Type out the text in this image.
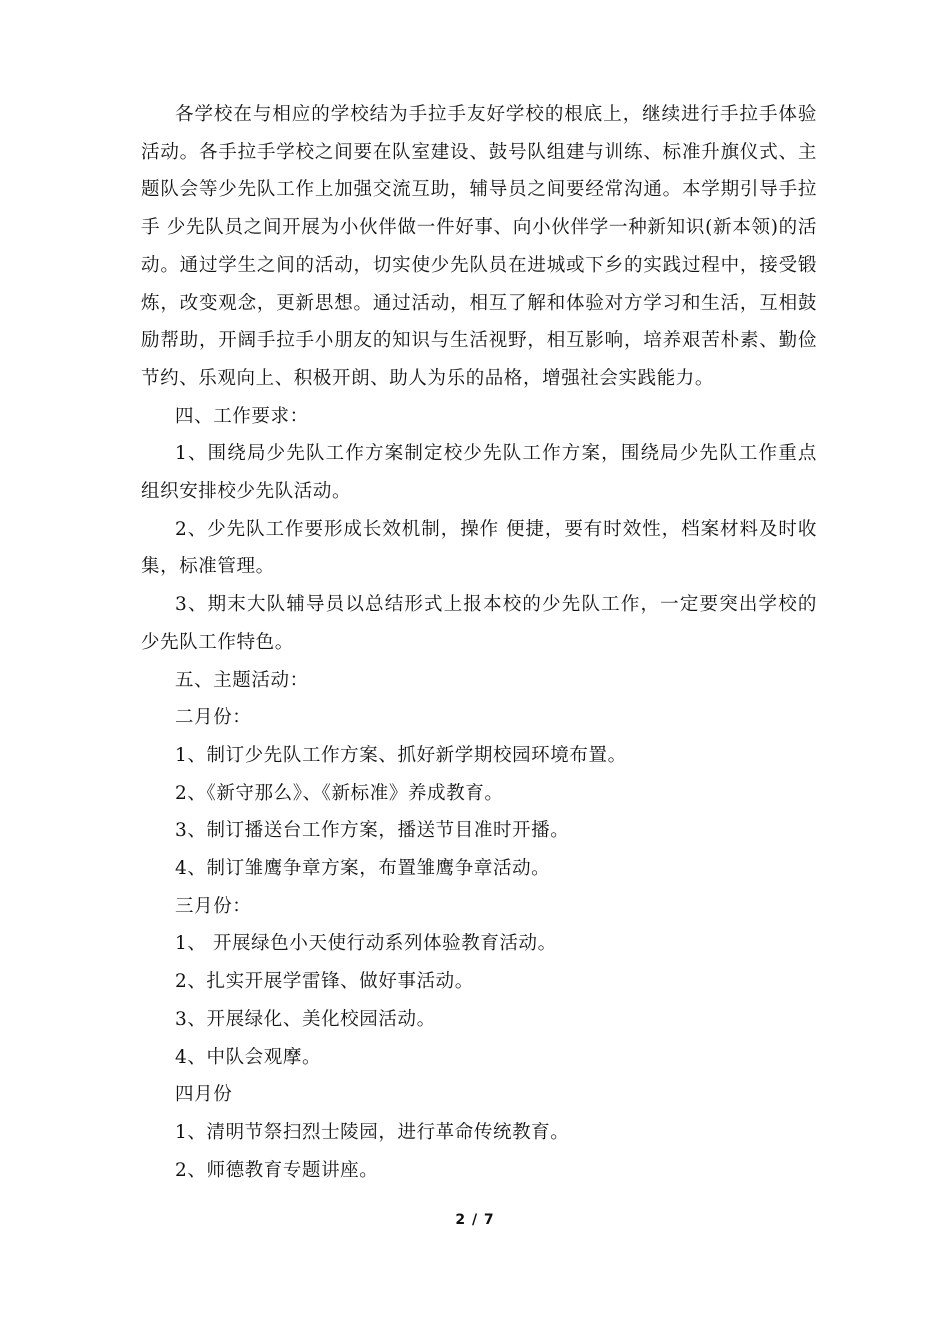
各学校在与相应的学校结为手拉手友好学校的根底上，继续进行手拉手体验活动。各手拉手学校之间要在队室建设、鼓号队组建与训练、标准升旗仪式、主题队会等少先队工作上加强交流互助，辅导员之间要经常沟通。本学期引导手拉手 少先队员之间开展为小伙伴做一件好事、向小伙伴学一种新知识(新本领)的活动。通过学生之间的活动，切实使少先队员在进城或下乡的实践过程中，接受锻炼，改变观念，更新思想。通过活动，相互了解和体验对方学习和生活，互相鼓励帮助，开阔手拉手小朋友的知识与生活视野，相互影响，培养艰苦朴素、勤俭节约、乐观向上、积极开朗、助人为乐的品格，增强社会实践能力。

四、工作要求：

1、围绕局少先队工作方案制定校少先队工作方案，围绕局少先队工作重点组织安排校少先队活动。

2、少先队工作要形成长效机制，操作 便捷，要有时效性，档案材料及时收集，标准管理。

3、期末大队辅导员以总结形式上报本校的少先队工作，一定要突出学校的少先队工作特色。

五、主题活动：

二月份：

1、制订少先队工作方案、抓好新学期校园环境布置。

2、《新守那么》、《新标准》养成教育。

3、制订播送台工作方案，播送节目准时开播。

4、制订雏鹰争章方案，布置雏鹰争章活动。

三月份：

1、 开展绿色小天使行动系列体验教育活动。

2、扎实开展学雷锋、做好事活动。

3、开展绿化、美化校园活动。

4、中队会观摩。

四月份

1、清明节祭扫烈士陵园，进行革命传统教育。

2、师德教育专题讲座。

2 / 7
